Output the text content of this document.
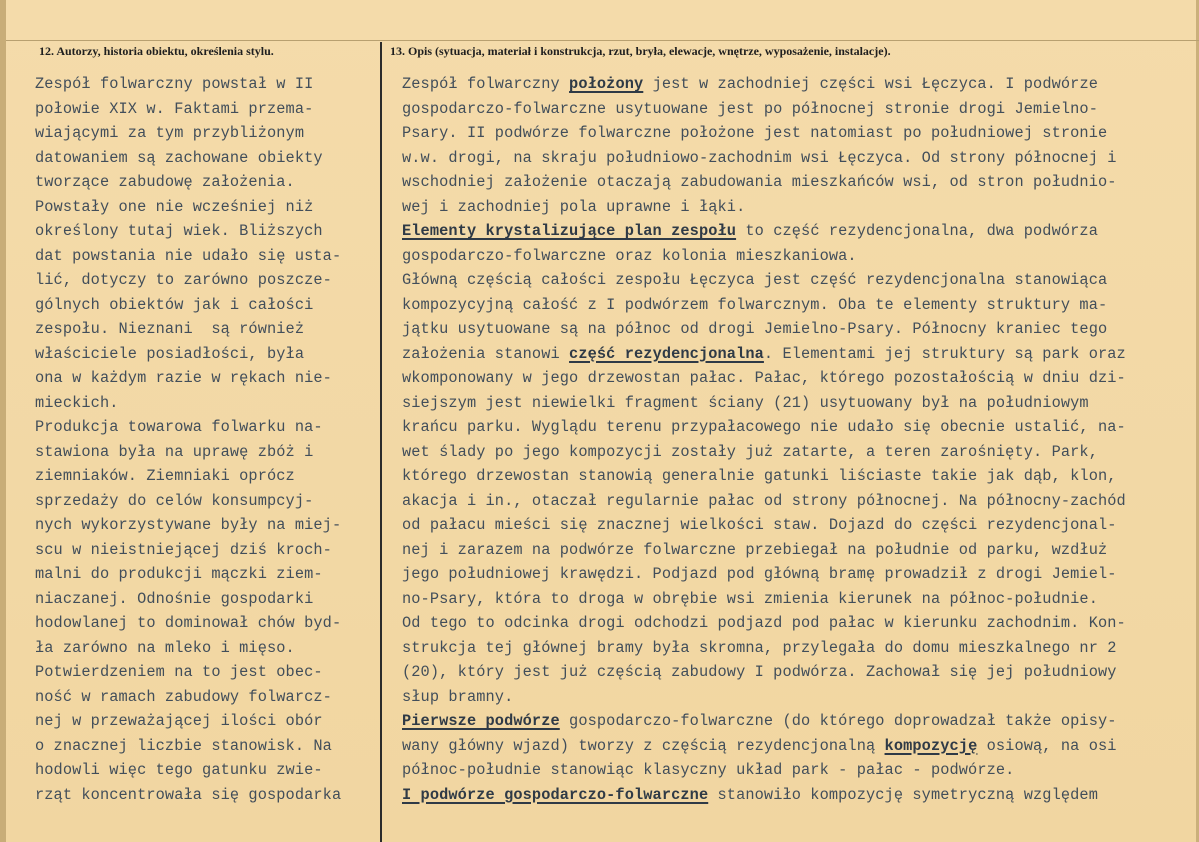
12. Autorzy, historia obiektu, określenia stylu.	13. Opis (sytuacja, materiał i konstrukcja, rzut, bryła, elewacje, wnętrze, wyposażenie, instalacje).
Zespół folwarczny powstał w II
połowie XIX w. Faktami przema-
wiającymi za tym przybliżonym
datowaniem są zachowane obiekty
tworzące zabudowę założenia.
Powstały one nie wcześniej niż
określony tutaj wiek. Bliższych
dat powstania nie udało się usta-
lić, dotyczy to zarówno poszcze-
gólnych obiektów jak i całości
zespołu. Nieznani  są również
właściciele posiadłości, była
ona w każdym razie w rękach nie-
mieckich.
Produkcja towarowa folwarku na-
stawiona była na uprawę zbóż i
ziemniaków. Ziemniaki oprócz
sprzedaży do celów konsumpcyj-
nych wykorzystywane były na miej-
scu w nieistniejącej dziś kroch-
malni do produkcji mączki ziem-
niaczanej. Odnośnie gospodarki
hodowlanej to dominował chów byd-
ła zarówno na mleko i mięso.
Potwierdzeniem na to jest obec-
ność w ramach zabudowy folwarcz-
nej w przeważającej ilości obór
o znacznej liczbie stanowisk. Na
hodowli więc tego gatunku zwie-
rząt koncentrowała się gospodarka
Zespół folwarczny położony jest w zachodniej części wsi Łęczyca. I podwórze
gospodarczo-folwarczne usytuowane jest po północnej stronie drogi Jemielno-
Psary. II podwórze folwarczne położone jest natomiast po południowej stronie
w.w. drogi, na skraju południowo-zachodnim wsi Łęczyca. Od strony północnej i
wschodniej założenie otaczają zabudowania mieszkańców wsi, od stron południo-
wej i zachodniej pola uprawne i łąki.
Elementy krystalizujące plan zespołu to część rezydencjonalna, dwa podwórza
gospodarczo-folwarczne oraz kolonia mieszkaniowa.
Główną częścią całości zespołu Łęczyca jest część rezydencjonalna stanowiąca
kompozycyjną całość z I podwórzem folwarcznym. Oba te elementy struktury ma-
jątku usytuowane są na północ od drogi Jemielno-Psary. Północny kraniec tego
założenia stanowi część rezydencjonalna. Elementami jej struktury są park oraz
wkomponowany w jego drzewostan pałac. Pałac, którego pozostałością w dniu dzi-
siejszym jest niewielki fragment ściany (21) usytuowany był na południowym
krańcu parku. Wyglądu terenu przypałacowego nie udało się obecnie ustalić, na-
wet ślady po jego kompozycji zostały już zatarte, a teren zarośnięty. Park,
którego drzewostan stanowią generalnie gatunki liściaste takie jak dąb, klon,
akacja i in., otaczał regularnie pałac od strony północnej. Na północny-zachód
od pałacu mieści się znacznej wielkości staw. Dojazd do części rezydencjonal-
nej i zarazem na podwórze folwarczne przebiegał na południe od parku, wzdłuż
jego południowej krawędzi. Podjazd pod główną bramę prowadził z drogi Jemiel-
no-Psary, która to droga w obrębie wsi zmienia kierunek na północ-południe.
Od tego to odcinka drogi odchodzi podjazd pod pałac w kierunku zachodnim. Kon-
strukcja tej głównej bramy była skromna, przylegała do domu mieszkalnego nr 2
(20), który jest już częścią zabudowy I podwórza. Zachował się jej południowy
słup bramny.
Pierwsze podwórze gospodarczo-folwarczne (do którego doprowadzał także opisy-
wany główny wjazd) tworzy z częścią rezydencjonalną kompozycję osiową, na osi
północ-południe stanowiąc klasyczny układ park - pałac - podwórze.
I podwórze gospodarczo-folwarczne stanowiło kompozycję symetryczną względem
